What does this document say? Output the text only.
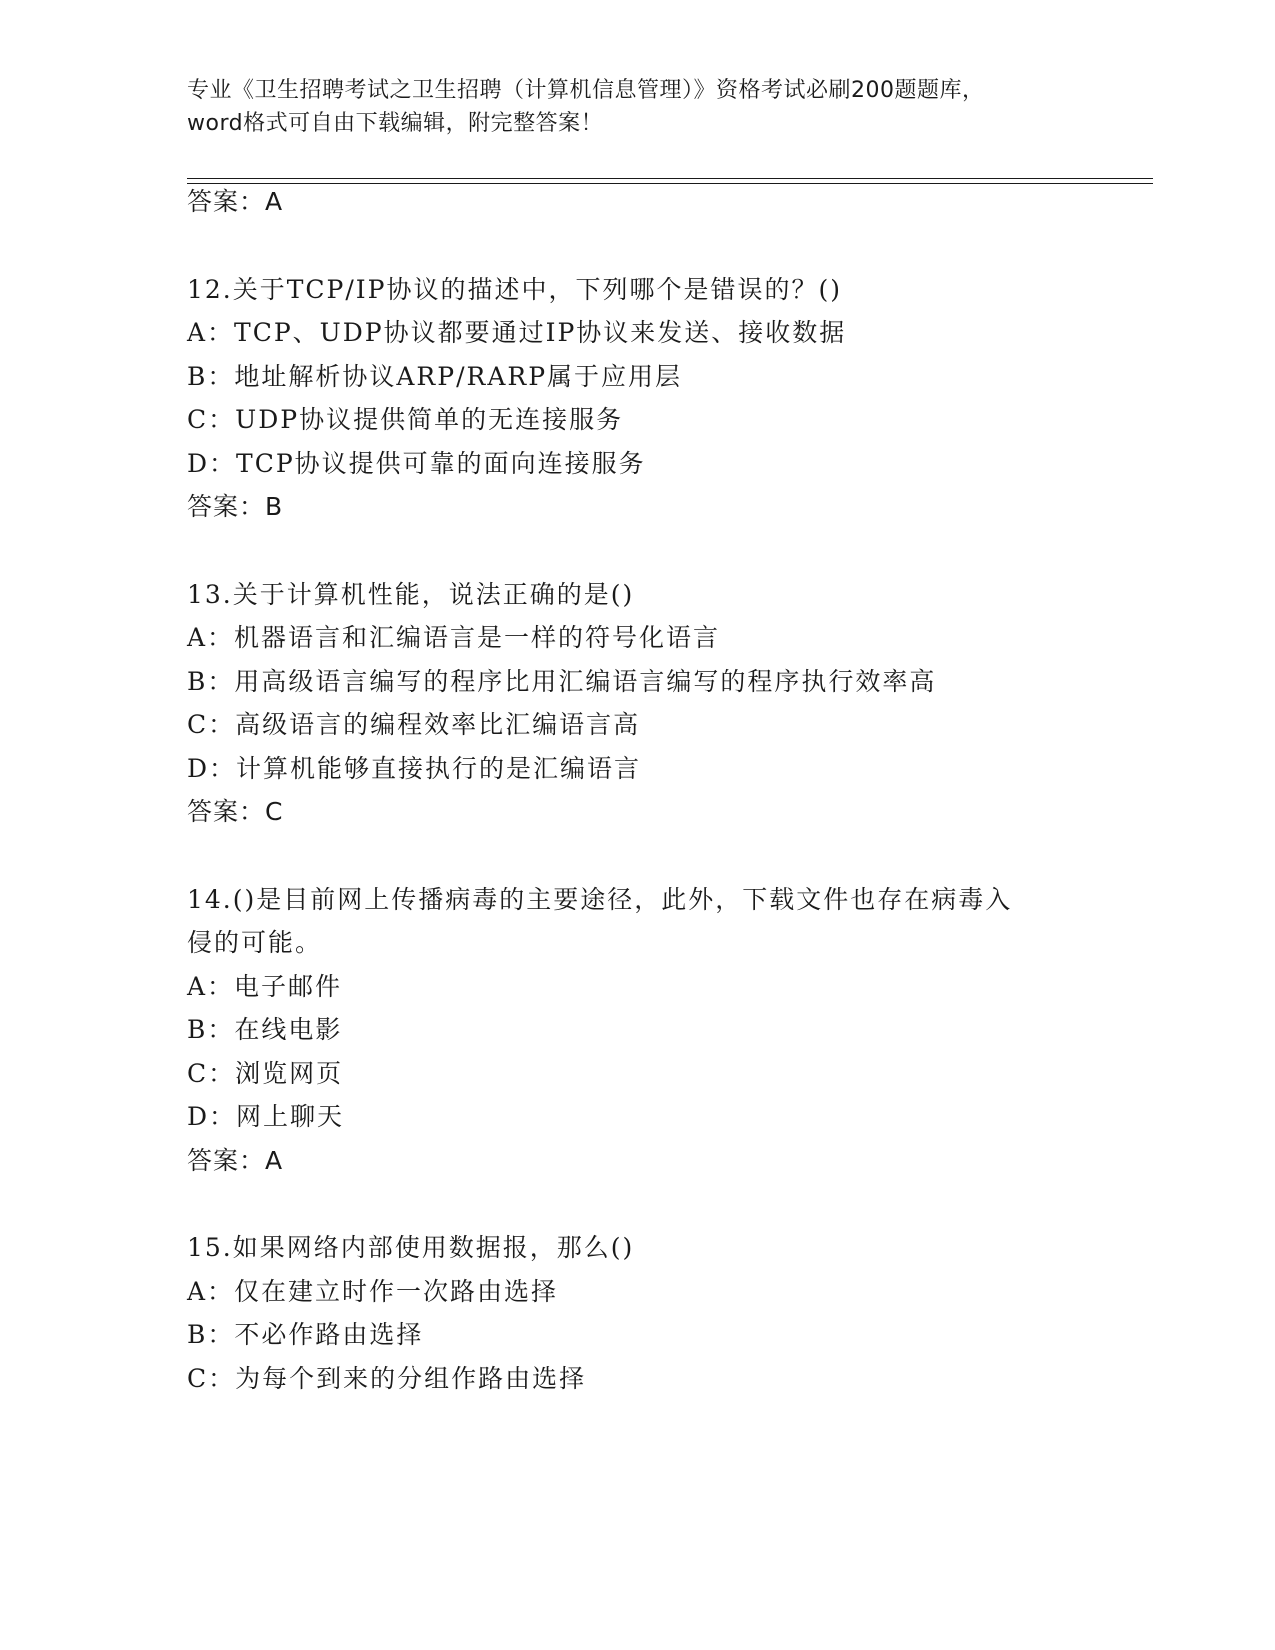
专业《卫生招聘考试之卫生招聘（计算机信息管理）》资格考试必刷200题题库，
word格式可自由下载编辑，附完整答案！
答案：A
12.关于TCP/IP协议的描述中，下列哪个是错误的？()
A：TCP、UDP协议都要通过IP协议来发送、接收数据
B：地址解析协议ARP/RARP属于应用层
C：UDP协议提供简单的无连接服务
D：TCP协议提供可靠的面向连接服务
答案：B
13.关于计算机性能，说法正确的是()
A：机器语言和汇编语言是一样的符号化语言
B：用高级语言编写的程序比用汇编语言编写的程序执行效率高
C：高级语言的编程效率比汇编语言高
D：计算机能够直接执行的是汇编语言
答案：C
14.()是目前网上传播病毒的主要途径，此外，下载文件也存在病毒入
侵的可能。
A：电子邮件
B：在线电影
C：浏览网页
D：网上聊天
答案：A
15.如果网络内部使用数据报，那么()
A：仅在建立时作一次路由选择
B：不必作路由选择
C：为每个到来的分组作路由选择
